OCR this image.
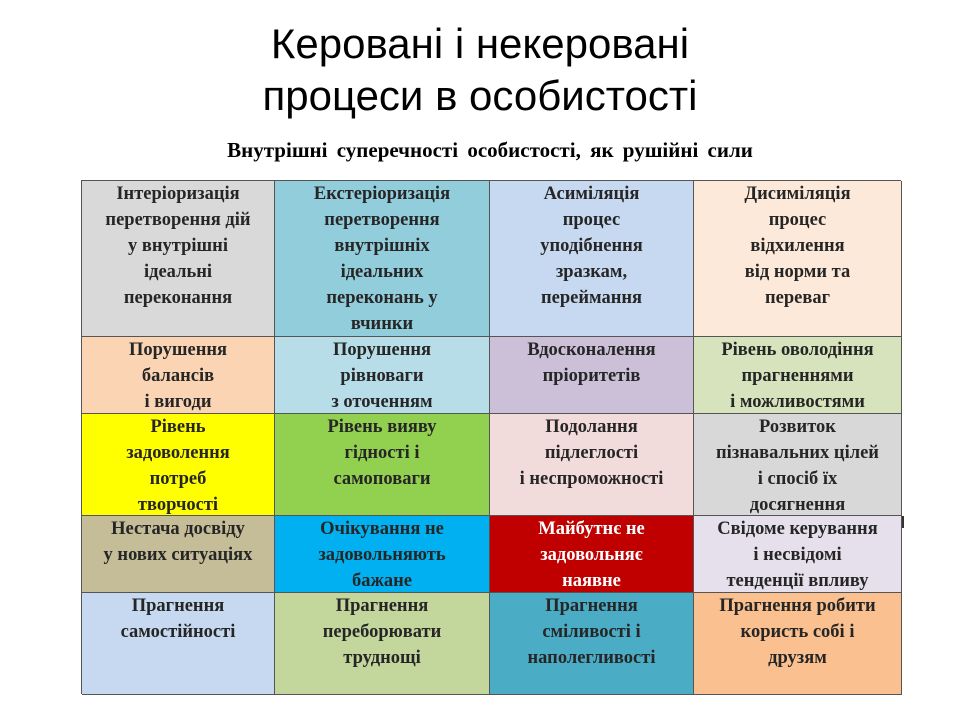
Керовані і некеровані
процеси в особистості
Внутрішні суперечності особистості, як рушійні сили
Інтеріоризація
перетворення дій
у внутрішні
ідеальні
переконання
Екстеріоризація
перетворення
внутрішніх
ідеальних
переконань у
вчинки
Асиміляція
процес
уподібнення
зразкам,
переймання
Дисиміляція
процес
відхилення
від норми та
переваг
Порушення
балансів
і вигоди
Порушення
рівноваги
з оточенням
Вдосконалення
пріоритетів
Рівень оволодіння
прагненнями
і можливостями
Рівень
задоволення
потреб
творчості
Рівень вияву
гідності і
самоповаги
Подолання
підлеглості
і неспроможності
Розвиток
пізнавальних цілей
і спосіб їх
досягнення
Нестача досвіду
у нових ситуаціях
Очікування не
задовольняють
бажане
Майбутнє не
задовольняє
наявне
Свідоме керування
і несвідомі
тенденції впливу
Прагнення
самостійності
Прагнення
переборювати
труднощі
Прагнення
сміливості і
наполегливості
Прагнення робити
користь собі і
друзям
